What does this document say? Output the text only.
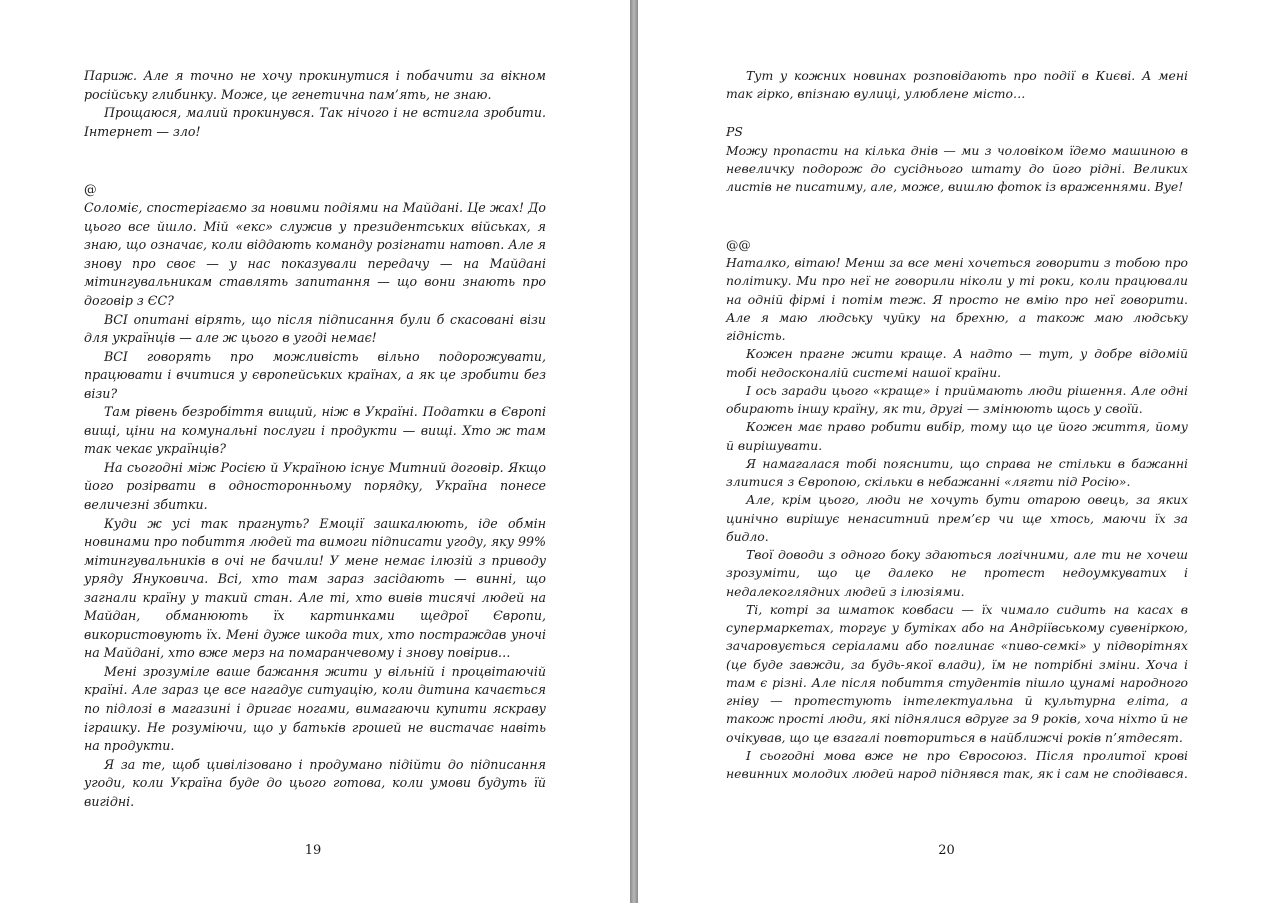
Париж. Але я точно не хочу прокинутися і побачити за вікном російську глибинку. Може, це генетична пам’ять, не знаю.

Прощаюся, малий прокинувся. Так нічого і не встигла зробити. Інтернет — зло!

@

Соломіє, спостерігаємо за новими подіями на Майдані. Це жах! До цього все йшло. Мій «екс» служив у президентських військах, я знаю, що означає, коли віддають команду розігнати натовп. Але я знову про своє — у нас показували передачу — на Майдані мітингувальникам ставлять запитання — що вони знають про договір з ЄС?

ВСІ опитані вірять, що після підписання були б скасовані візи для українців — але ж цього в угоді немає!

ВСІ говорять про можливість вільно подорожувати, працювати і вчитися у європейських країнах, а як це зробити без візи?

Там рівень безробіття вищий, ніж в Україні. Податки в Європі вищі, ціни на комунальні послуги і продукти — вищі. Хто ж там так чекає українців?

На сьогодні між Росією й Україною існує Митний договір. Якщо його розірвати в односторонньому порядку, Україна понесе величезні збитки.

Куди ж усі так прагнуть? Емоції зашкалюють, іде обмін новинами про побиття людей та вимоги підписати угоду, яку 99% мітингувальників в очі не бачили! У мене немає ілюзій з приводу уряду Януковича. Всі, хто там зараз засідають — винні, що загнали країну у такий стан. Але ті, хто вивів тисячі людей на Майдан, обманюють їх картинками щедрої Європи, використовують їх. Мені дуже шкода тих, хто постраждав уночі на Майдані, хто вже мерз на помаранчевому і знову повірив…

Мені зрозуміле ваше бажання жити у вільній і процвітаючій країні. Але зараз це все нагадує ситуацію, коли дитина качається по підлозі в магазині і дригає ногами, вимагаючи купити яскраву іграшку. Не розуміючи, що у батьків грошей не вистачає навіть на продукти.

Я за те, щоб цивілізовано і продумано підійти до підписання угоди, коли Україна буде до цього готова, коли умови будуть їй вигідні.

19

Тут у кожних новинах розповідають про події в Києві. А мені так гірко, впізнаю вулиці, улюблене місто…

PS

Можу пропасти на кілька днів — ми з чоловіком їдемо машиною в невеличку подорож до сусіднього штату до його рідні. Великих листів не писатиму, але, може, вишлю фоток із враженнями. Вуе!

@@

Наталко, вітаю! Менш за все мені хочеться говорити з тобою про політику. Ми про неї не говорили ніколи у ті роки, коли працювали на одній фірмі і потім теж. Я просто не вмію про неї говорити. Але я маю людську чуйку на брехню, а також маю людську гідність.

Кожен прагне жити краще. А надто — тут, у добре відомій тобі недосконалій системі нашої країни.

І ось заради цього «краще» і приймають люди рішення. Але одні обирають іншу країну, як ти, другі — змінюють щось у своїй.

Кожен має право робити вибір, тому що це його життя, йому й вирішувати.

Я намагалася тобі пояснити, що справа не стільки в бажанні злитися з Європою, скільки в небажанні «лягти під Росію».

Але, крім цього, люди не хочуть бути отарою овець, за яких цинічно вирішує ненаситний прем’єр чи ще хтось, маючи їх за бидло.

Твої доводи з одного боку здаються логічними, але ти не хочеш зрозуміти, що це далеко не протест недоумкуватих і недалекоглядних людей з ілюзіями.

Ті, котрі за шматок ковбаси — їх чимало сидить на касах в супермаркетах, торгує у бутіках або на Андріївському сувеніркою, зачаровується серіалами або поглинає «пиво-семкі» у підворітнях (це буде завжди, за будь-якої влади), їм не потрібні зміни. Хоча і там є різні. Але після побиття студентів пішло цунамі народного гніву — протестують інтелектуальна й культурна еліта, а також прості люди, які піднялися вдруге за 9 років, хоча ніхто й не очікував, що це взагалі повториться в найближчі років п’ятдесят.

І сьогодні мова вже не про Євросоюз. Після пролитої крові невинних молодих людей народ піднявся так, як і сам не сподівався.

20
